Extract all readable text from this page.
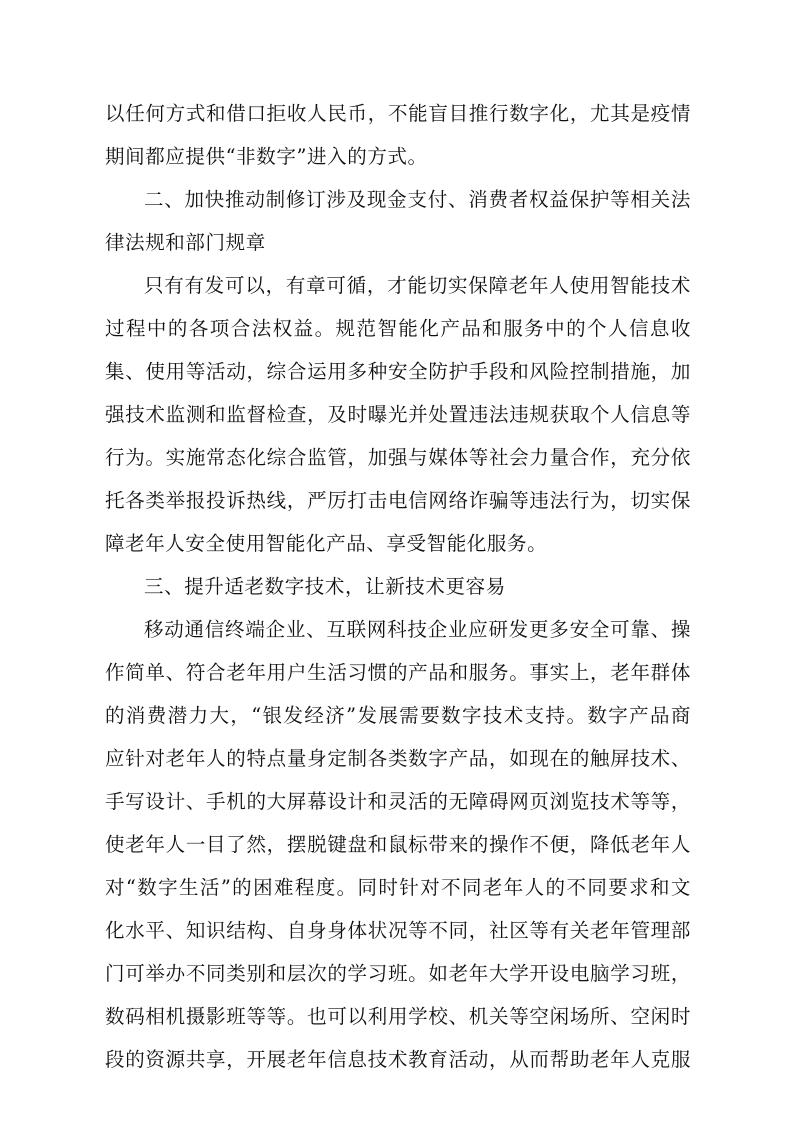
以任何方式和借口拒收人民币，不能盲目推行数字化，尤其是疫情
期间都应提供“非数字”进入的方式。
二、加快推动制修订涉及现金支付、消费者权益保护等相关法
律法规和部门规章
只有有发可以，有章可循，才能切实保障老年人使用智能技术
过程中的各项合法权益。规范智能化产品和服务中的个人信息收
集、使用等活动，综合运用多种安全防护手段和风险控制措施，加
强技术监测和监督检查，及时曝光并处置违法违规获取个人信息等
行为。实施常态化综合监管，加强与媒体等社会力量合作，充分依
托各类举报投诉热线，严厉打击电信网络诈骗等违法行为，切实保
障老年人安全使用智能化产品、享受智能化服务。
三、提升适老数字技术，让新技术更容易
移动通信终端企业、互联网科技企业应研发更多安全可靠、操
作简单、符合老年用户生活习惯的产品和服务。事实上，老年群体
的消费潜力大，“银发经济”发展需要数字技术支持。数字产品商
应针对老年人的特点量身定制各类数字产品，如现在的触屏技术、
手写设计、手机的大屏幕设计和灵活的无障碍网页浏览技术等等，
使老年人一目了然，摆脱键盘和鼠标带来的操作不便，降低老年人
对“数字生活”的困难程度。同时针对不同老年人的不同要求和文
化水平、知识结构、自身身体状况等不同，社区等有关老年管理部
门可举办不同类别和层次的学习班。如老年大学开设电脑学习班，
数码相机摄影班等等。也可以利用学校、机关等空闲场所、空闲时
段的资源共享，开展老年信息技术教育活动，从而帮助老年人克服
